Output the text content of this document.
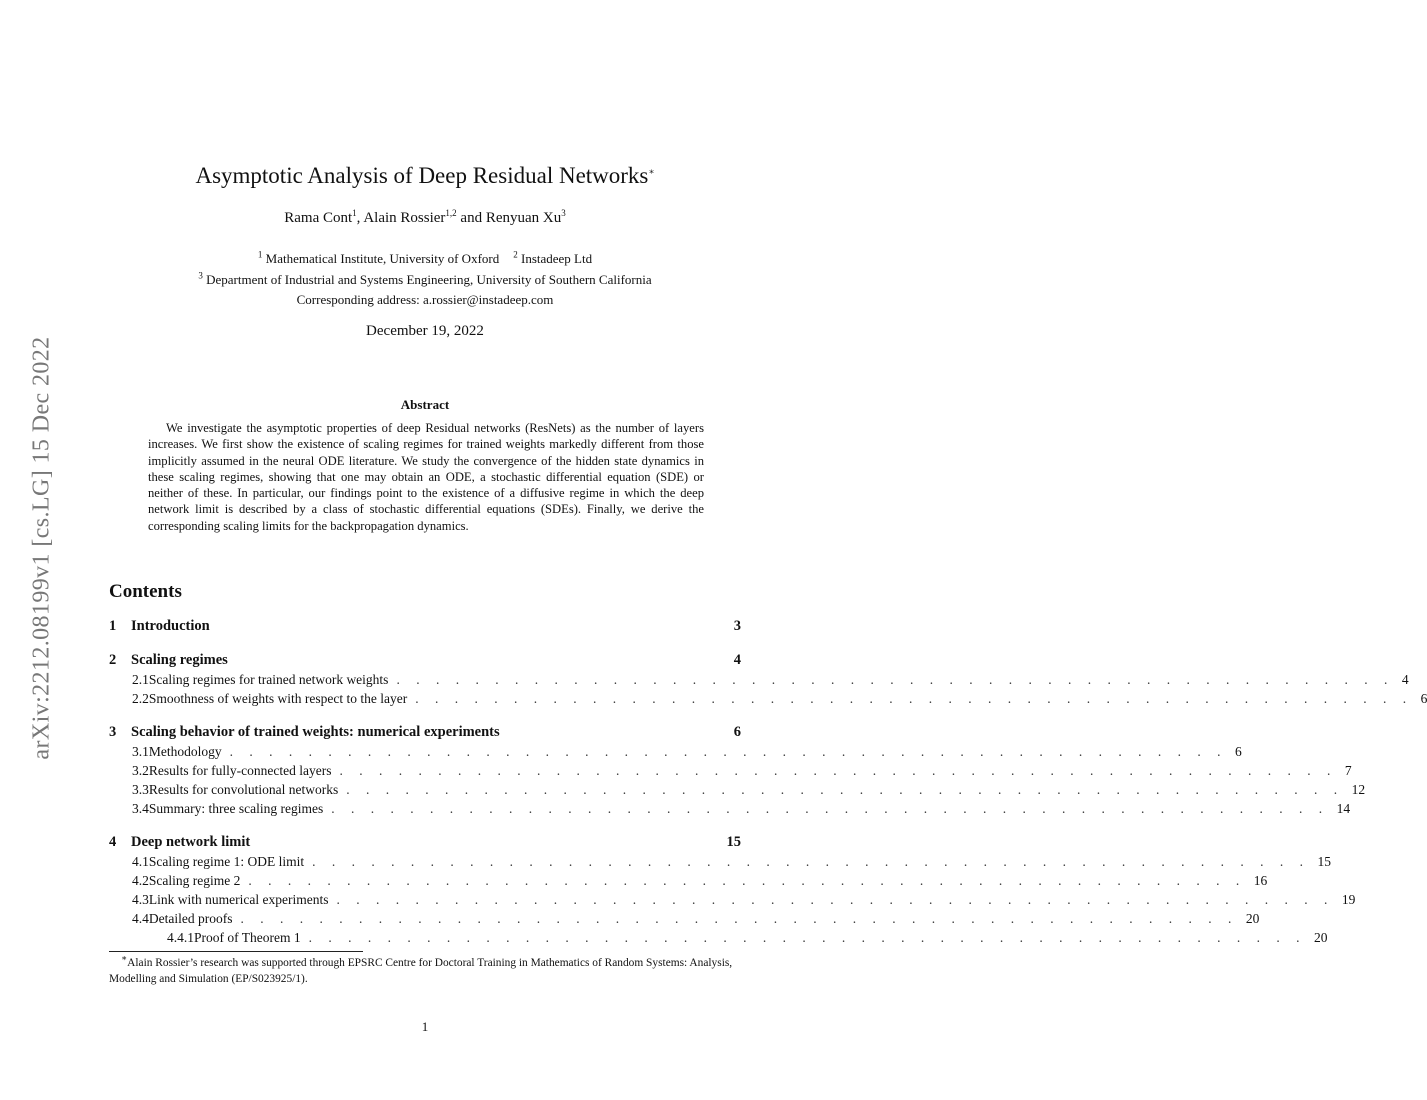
arXiv:2212.08199v1 [cs.LG] 15 Dec 2022
Asymptotic Analysis of Deep Residual Networks∗
Rama Cont$^1$, Alain Rossier$^{1,2}$ and Renyuan Xu$^3$
$^1$ Mathematical Institute, University of Oxford $^2$ Instadeep Ltd
$^3$ Department of Industrial and Systems Engineering, University of Southern California
Corresponding address: a.rossier@instadeep.com
December 19, 2022
Abstract
We investigate the asymptotic properties of deep Residual networks (ResNets) as the number of layers increases. We first show the existence of scaling regimes for trained weights markedly different from those implicitly assumed in the neural ODE literature. We study the convergence of the hidden state dynamics in these scaling regimes, showing that one may obtain an ODE, a stochastic differential equation (SDE) or neither of these. In particular, our findings point to the existence of a diffusive regime in which the deep network limit is described by a class of stochastic differential equations (SDEs). Finally, we derive the corresponding scaling limits for the backpropagation dynamics.
Contents
1	Introduction	3
2	Scaling regimes	4
2.1 Scaling regimes for trained network weights . . . . . . . . . . . . . . . . . . . . . . . . . . . . . . . . . . . . . . . . . . . . . . . . . . . 4
2.2 Smoothness of weights with respect to the layer . . . . . . . . . . . . . . . . . . . . . . . . . . . . . . . . . . . . . . . . . . . . . . . . . . . 6
3	Scaling behavior of trained weights: numerical experiments	6
3.1 Methodology . . . . . . . . . . . . . . . . . . . . . . . . . . . . . . . . . . . . . . . . . . . . . . . . . . . 6
3.2 Results for fully-connected layers . . . . . . . . . . . . . . . . . . . . . . . . . . . . . . . . . . . . . . . . . . . . . . . . . . . 7
3.3 Results for convolutional networks . . . . . . . . . . . . . . . . . . . . . . . . . . . . . . . . . . . . . . . . . . . . . . . . . . . 12
3.4 Summary: three scaling regimes . . . . . . . . . . . . . . . . . . . . . . . . . . . . . . . . . . . . . . . . . . . . . . . . . . . 14
4	Deep network limit	15
4.1 Scaling regime 1: ODE limit . . . . . . . . . . . . . . . . . . . . . . . . . . . . . . . . . . . . . . . . . . . . . . . . . . . 15
4.2 Scaling regime 2 . . . . . . . . . . . . . . . . . . . . . . . . . . . . . . . . . . . . . . . . . . . . . . . . . . . 16
4.3 Link with numerical experiments . . . . . . . . . . . . . . . . . . . . . . . . . . . . . . . . . . . . . . . . . . . . . . . . . . . 19
4.4 Detailed proofs . . . . . . . . . . . . . . . . . . . . . . . . . . . . . . . . . . . . . . . . . . . . . . . . . . . 20
4.4.1 Proof of Theorem 1 . . . . . . . . . . . . . . . . . . . . . . . . . . . . . . . . . . . . . . . . . . . . . . . . . . . 20
∗Alain Rossier’s research was supported through EPSRC Centre for Doctoral Training in Mathematics of Random Systems: Analysis, Modelling and Simulation (EP/S023925/1).
1
